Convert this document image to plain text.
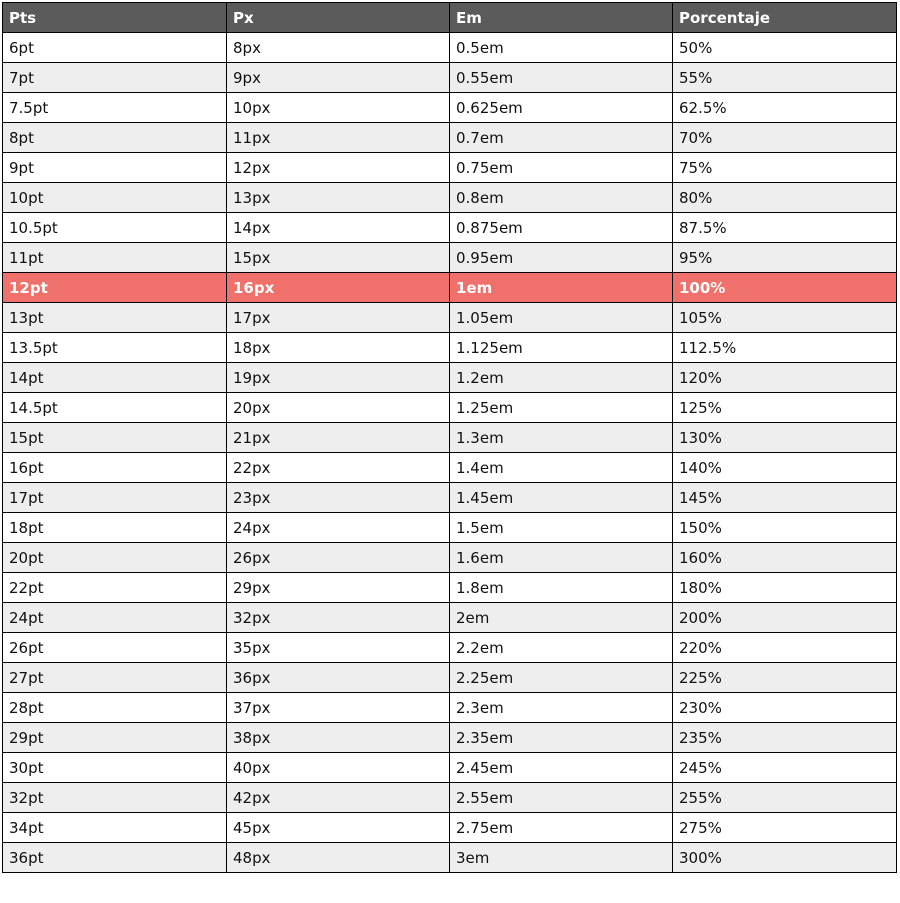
Pts	Px	Em	Porcentaje
6pt	8px	0.5em	50%
7pt	9px	0.55em	55%
7.5pt	10px	0.625em	62.5%
8pt	11px	0.7em	70%
9pt	12px	0.75em	75%
10pt	13px	0.8em	80%
10.5pt	14px	0.875em	87.5%
11pt	15px	0.95em	95%
12pt	16px	1em	100%
13pt	17px	1.05em	105%
13.5pt	18px	1.125em	112.5%
14pt	19px	1.2em	120%
14.5pt	20px	1.25em	125%
15pt	21px	1.3em	130%
16pt	22px	1.4em	140%
17pt	23px	1.45em	145%
18pt	24px	1.5em	150%
20pt	26px	1.6em	160%
22pt	29px	1.8em	180%
24pt	32px	2em	200%
26pt	35px	2.2em	220%
27pt	36px	2.25em	225%
28pt	37px	2.3em	230%
29pt	38px	2.35em	235%
30pt	40px	2.45em	245%
32pt	42px	2.55em	255%
34pt	45px	2.75em	275%
36pt	48px	3em	300%
